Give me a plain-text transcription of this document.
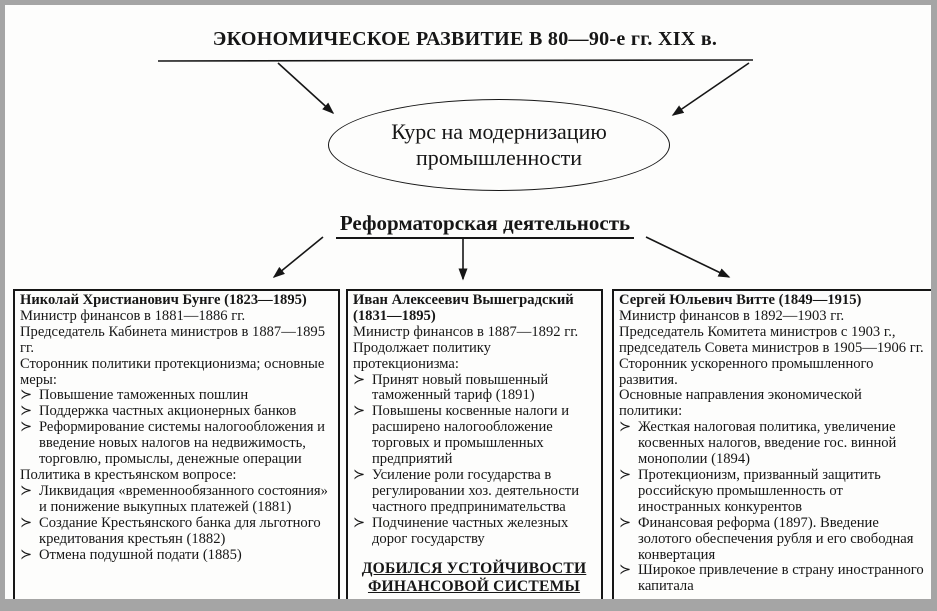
ЭКОНОМИЧЕСКОЕ РАЗВИТИЕ В 80—90-е гг. XIX в.
Курс на модернизацию промышленности
Реформаторская деятельность
Николай Христианович Бунге (1823—1895)
Министр финансов в 1881—1886 гг.
Председатель Кабинета министров в 1887—1895 гг.
Сторонник политики протекционизма; основные меры:
≻ Повышение таможенных пошлин
≻ Поддержка частных акционерных банков
≻ Реформирование системы налогообложения и введение новых налогов на недвижимость, торговлю, промыслы, денежные операции
Политика в крестьянском вопросе:
≻ Ликвидация «временнообязанного состояния» и понижение выкупных платежей (1881)
≻ Создание Крестьянского банка для льготного кредитования крестьян (1882)
≻ Отмена подушной подати (1885)
Иван Алексеевич Вышеградский (1831—1895)
Министр финансов в 1887—1892 гг.
Продолжает политику протекционизма:
≻ Принят новый повышенный таможенный тариф (1891)
≻ Повышены косвенные налоги и расширено налогообложение торговых и промышленных предприятий
≻ Усиление роли государства в регулировании хоз. деятельности частного предпринимательства
≻ Подчинение частных железных дорог государству
ДОБИЛСЯ УСТОЙЧИВОСТИ ФИНАНСОВОЙ СИСТЕМЫ
Сергей Юльевич Витте (1849—1915)
Министр финансов в 1892—1903 гг.
Председатель Комитета министров с 1903 г., председатель Совета министров в 1905—1906 гг.
Сторонник ускоренного промышленного развития.
Основные направления экономической политики:
≻ Жесткая налоговая политика, увеличение косвенных налогов, введение гос. винной монополии (1894)
≻ Протекционизм, призванный защитить российскую промышленность от иностранных конкурентов
≻ Финансовая реформа (1897). Введение золотого обеспечения рубля и его свободная конвертация
≻ Широкое привлечение в страну иностранного капитала
